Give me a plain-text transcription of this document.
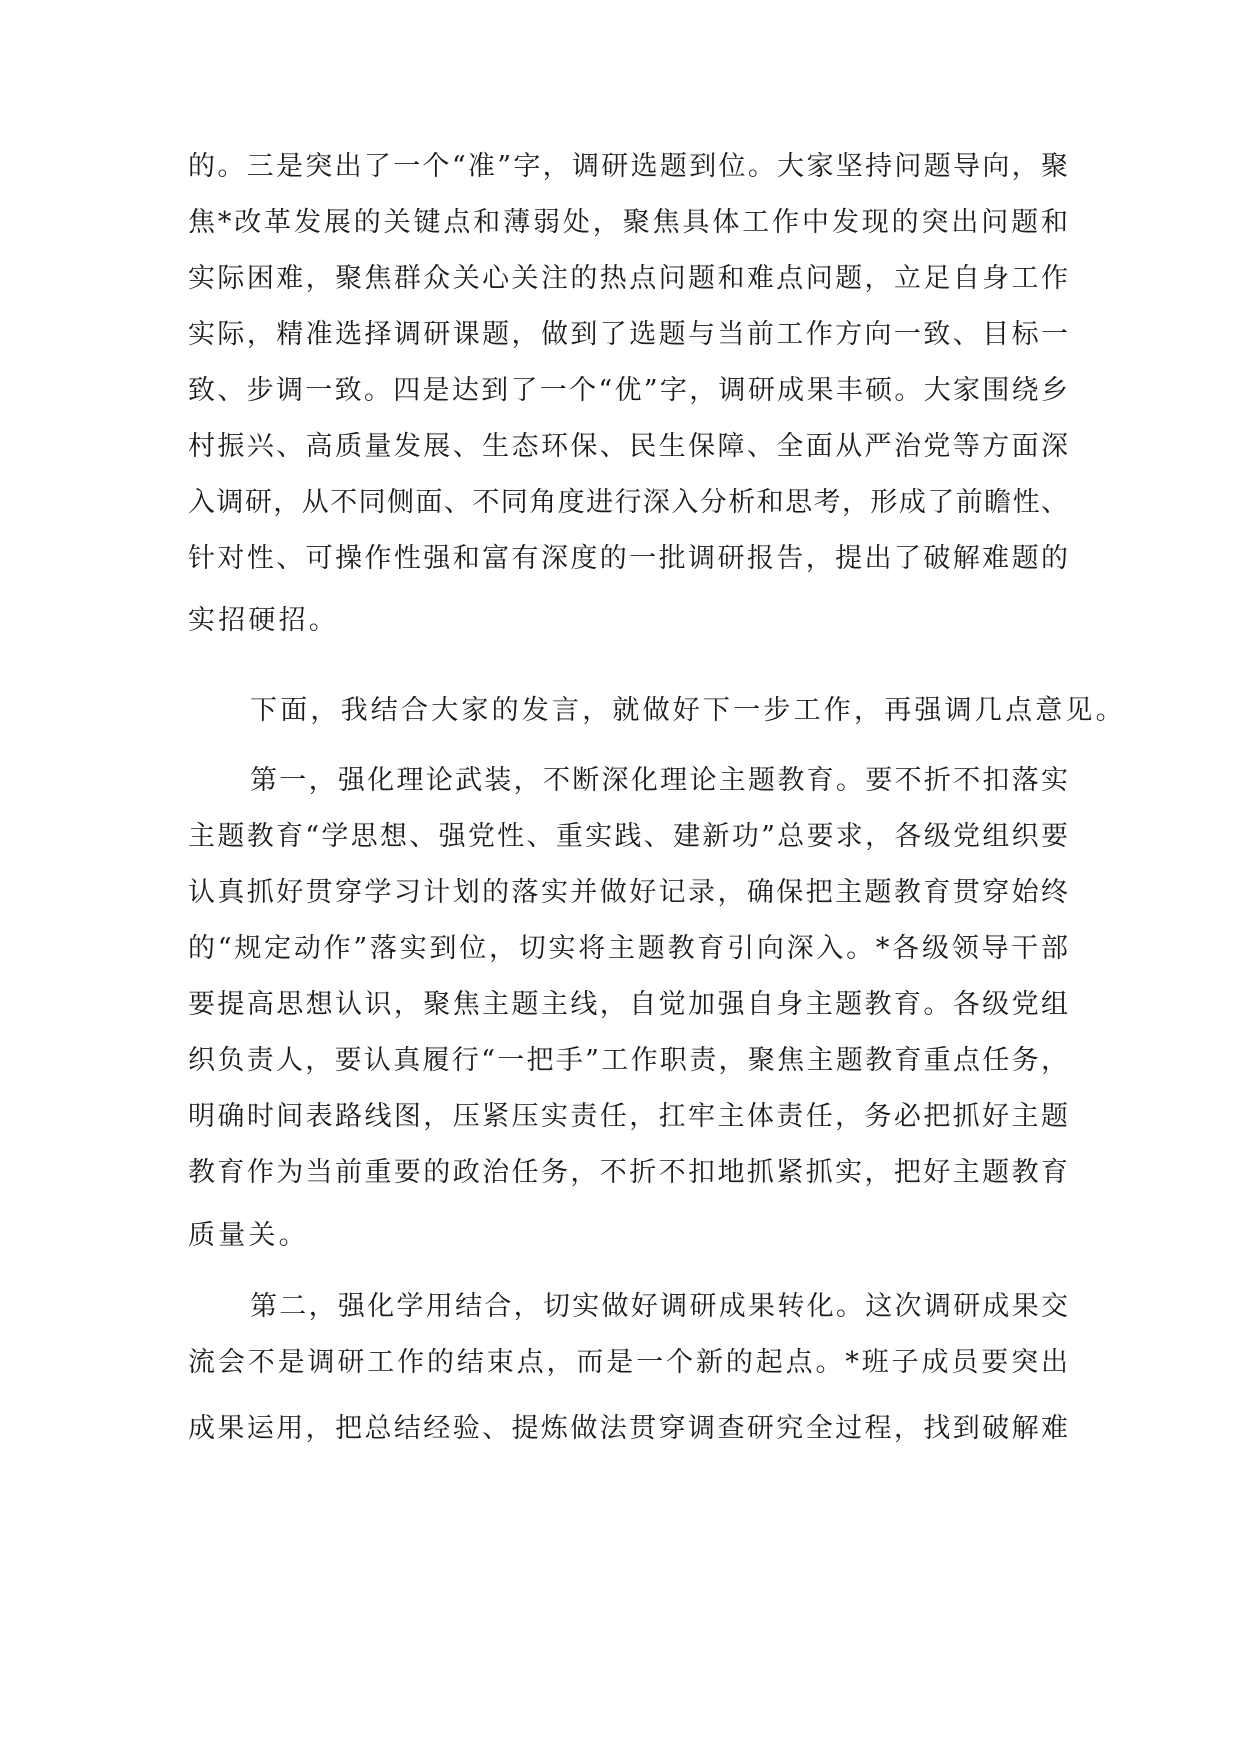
的。三是突出了一个“准”字，调研选题到位。大家坚持问题导向，聚
焦*改革发展的关键点和薄弱处，聚焦具体工作中发现的突出问题和
实际困难，聚焦群众关心关注的热点问题和难点问题，立足自身工作
实际，精准选择调研课题，做到了选题与当前工作方向一致、目标一
致、步调一致。四是达到了一个“优”字，调研成果丰硕。大家围绕乡
村振兴、高质量发展、生态环保、民生保障、全面从严治党等方面深
入调研，从不同侧面、不同角度进行深入分析和思考，形成了前瞻性、
针对性、可操作性强和富有深度的一批调研报告，提出了破解难题的
实招硬招。
下面，我结合大家的发言，就做好下一步工作，再强调几点意见。
第一，强化理论武装，不断深化理论主题教育。要不折不扣落实
主题教育“学思想、强党性、重实践、建新功”总要求，各级党组织要
认真抓好贯穿学习计划的落实并做好记录，确保把主题教育贯穿始终
的“规定动作”落实到位，切实将主题教育引向深入。*各级领导干部
要提高思想认识，聚焦主题主线，自觉加强自身主题教育。各级党组
织负责人，要认真履行“一把手”工作职责，聚焦主题教育重点任务，
明确时间表路线图，压紧压实责任，扛牢主体责任，务必把抓好主题
教育作为当前重要的政治任务，不折不扣地抓紧抓实，把好主题教育
质量关。
第二，强化学用结合，切实做好调研成果转化。这次调研成果交
流会不是调研工作的结束点，而是一个新的起点。*班子成员要突出
成果运用，把总结经验、提炼做法贯穿调查研究全过程，找到破解难
